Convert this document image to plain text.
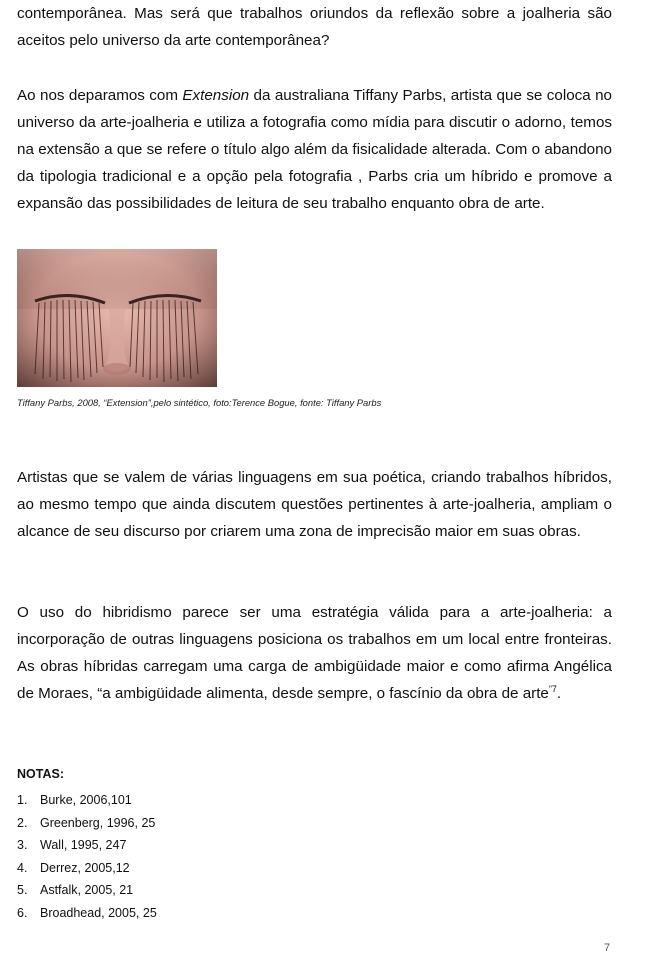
contemporânea. Mas será que trabalhos oriundos da reflexão sobre a joalheria são aceitos pelo universo da arte contemporânea?

Ao nos deparamos com Extension da australiana Tiffany Parbs, artista que se coloca no universo da arte-joalheria e utiliza a fotografia como mídia para discutir o adorno, temos na extensão a que se refere o título algo além da fisicalidade alterada. Com o abandono da tipologia tradicional e a opção pela fotografia , Parbs cria um híbrido e promove a expansão das possibilidades de leitura de seu trabalho enquanto obra de arte.

Tiffany Parbs, 2008, “Extension”,pelo sintético, foto:Terence Bogue, fonte: Tiffany Parbs

Artistas que se valem de várias linguagens em sua poética, criando trabalhos híbridos, ao mesmo tempo que ainda discutem questões pertinentes à arte-joalheria, ampliam o alcance de seu discurso por criarem uma zona de imprecisão maior em suas obras.

O uso do hibridismo parece ser uma estratégia válida para a arte-joalheria: a incorporação de outras linguagens posiciona os trabalhos em um local entre fronteiras. As obras híbridas carregam uma carga de ambigüidade maior e como afirma Angélica de Moraes, “a ambigüidade alimenta, desde sempre, o fascínio da obra de arte$^{”7}$.

NOTAS:
1.	Burke, 2006,101
2.	Greenberg, 1996, 25
3.	Wall, 1995, 247
4.	Derrez, 2005,12
5.	Astfalk, 2005, 21
6.	Broadhead, 2005, 25
7
